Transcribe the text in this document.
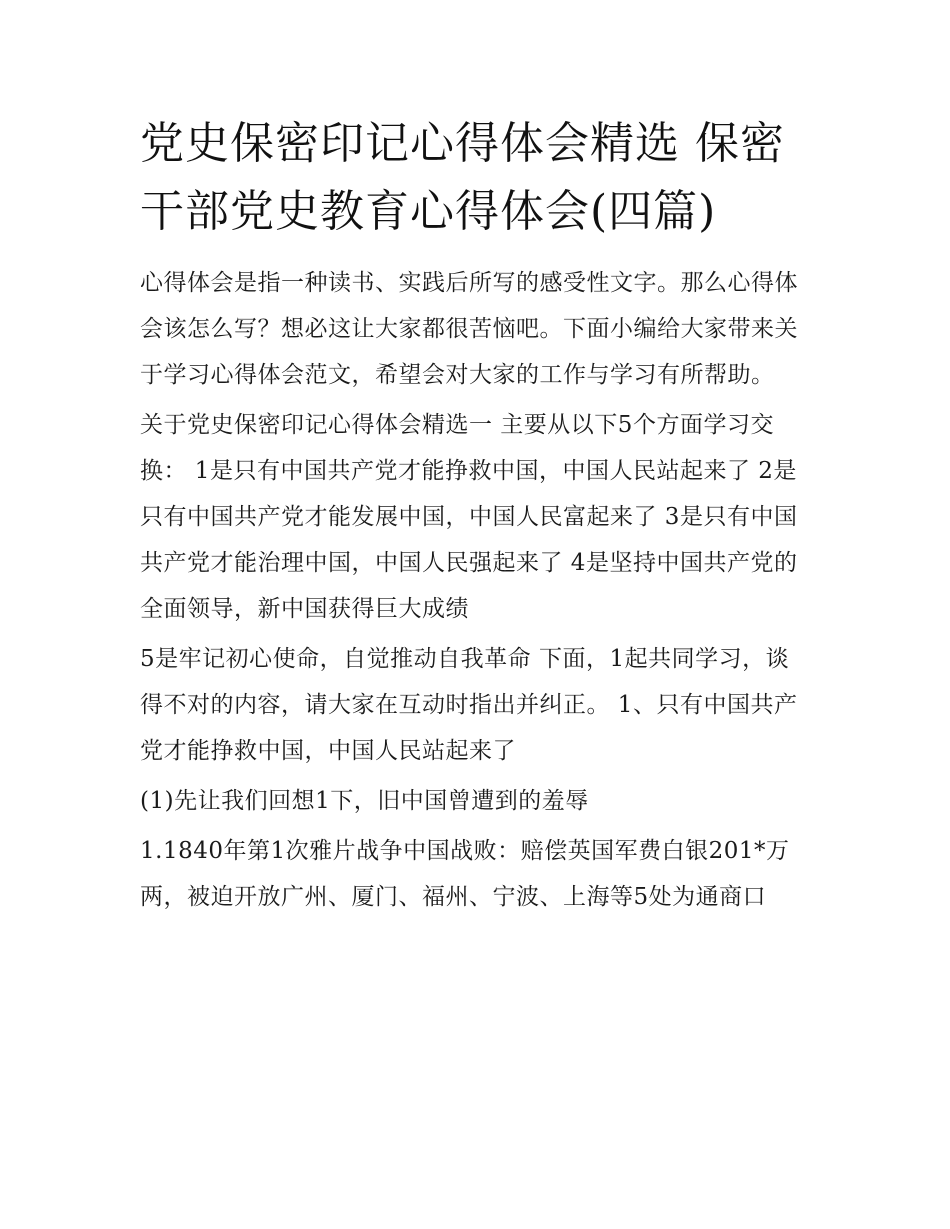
党史保密印记心得体会精选 保密干部党史教育心得体会(四篇)

心得体会是指一种读书、实践后所写的感受性文字。那么心得体会该怎么写？想必这让大家都很苦恼吧。下面小编给大家带来关于学习心得体会范文，希望会对大家的工作与学习有所帮助。

关于党史保密印记心得体会精选一 主要从以下5个方面学习交换： 1是只有中国共产党才能挣救中国，中国人民站起来了 2是只有中国共产党才能发展中国，中国人民富起来了 3是只有中国共产党才能治理中国，中国人民强起来了 4是坚持中国共产党的全面领导，新中国获得巨大成绩

5是牢记初心使命，自觉推动自我革命 下面，1起共同学习，谈得不对的内容，请大家在互动时指出并纠正。 1、只有中国共产党才能挣救中国，中国人民站起来了

(1)先让我们回想1下，旧中国曾遭到的羞辱

1.1840年第1次雅片战争中国战败：赔偿英国军费白银201*万两，被迫开放广州、厦门、福州、宁波、上海等5处为通商口
